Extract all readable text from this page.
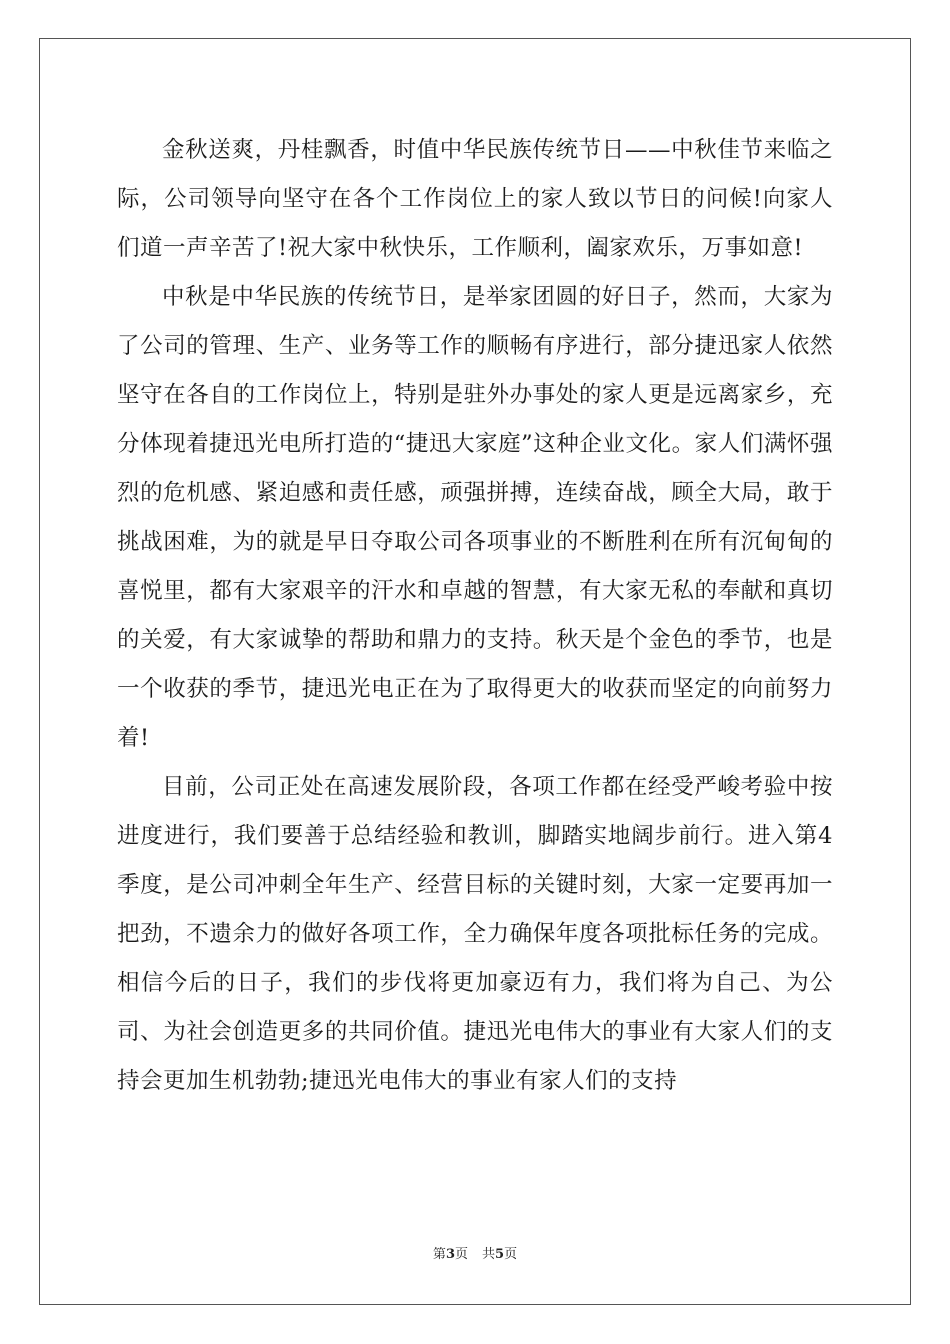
金秋送爽，丹桂飘香，时值中华民族传统节日——中秋佳节来临之际，公司领导向坚守在各个工作岗位上的家人致以节日的问候!向家人们道一声辛苦了!祝大家中秋快乐，工作顺利，阖家欢乐，万事如意!

中秋是中华民族的传统节日，是举家团圆的好日子，然而，大家为了公司的管理、生产、业务等工作的顺畅有序进行，部分捷迅家人依然坚守在各自的工作岗位上，特别是驻外办事处的家人更是远离家乡，充分体现着捷迅光电所打造的“捷迅大家庭”这种企业文化。家人们满怀强烈的危机感、紧迫感和责任感，顽强拼搏，连续奋战，顾全大局，敢于挑战困难，为的就是早日夺取公司各项事业的不断胜利在所有沉甸甸的喜悦里，都有大家艰辛的汗水和卓越的智慧，有大家无私的奉献和真切的关爱，有大家诚挚的帮助和鼎力的支持。秋天是个金色的季节，也是一个收获的季节，捷迅光电正在为了取得更大的收获而坚定的向前努力着!

目前，公司正处在高速发展阶段，各项工作都在经受严峻考验中按进度进行，我们要善于总结经验和教训，脚踏实地阔步前行。进入第4季度，是公司冲刺全年生产、经营目标的关键时刻，大家一定要再加一把劲，不遗余力的做好各项工作，全力确保年度各项批标任务的完成。相信今后的日子，我们的步伐将更加豪迈有力，我们将为自己、为公司、为社会创造更多的共同价值。捷迅光电伟大的事业有大家人们的支持会更加生机勃勃;捷迅光电伟大的事业有家人们的支持

第3页 共5页
